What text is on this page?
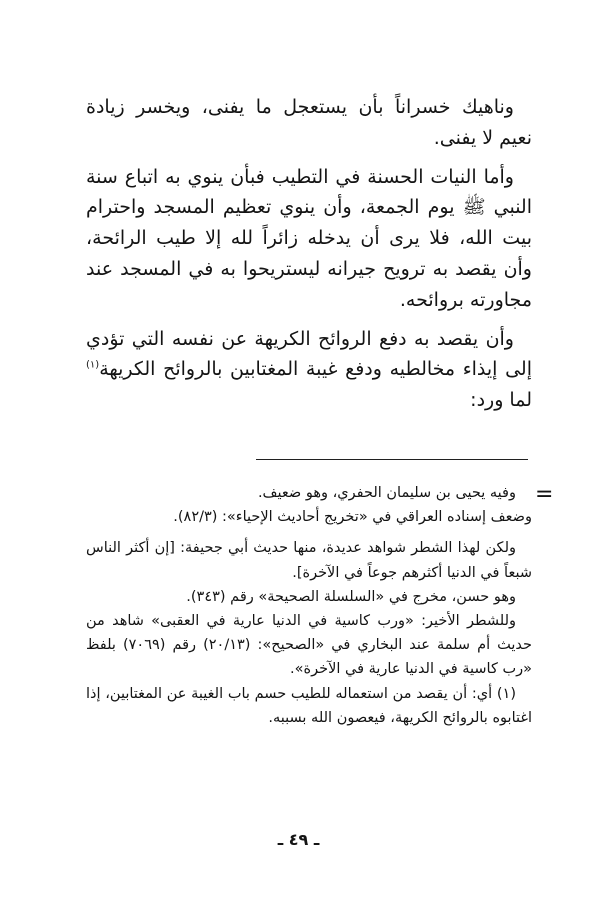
وناهيك خسراناً بأن يستعجل ما يفنى، ويخسر زيادة نعيم لا يفنى.

وأما النيات الحسنة في التطيب فبأن ينوي به اتباع سنة النبي ﷺ يوم الجمعة، وأن ينوي تعظيم المسجد واحترام بيت الله، فلا يرى أن يدخله زائراً لله إلا طيب الرائحة، وأن يقصد به ترويح جيرانه ليستريحوا به في المسجد عند مجاورته بروائحه.

وأن يقصد به دفع الروائح الكريهة عن نفسه التي تؤدي إلى إيذاء مخالطيه ودفع غيبة المغتابين بالروائح الكريهة$^{(١)}$ لما ورد:

=

وفيه يحيى بن سليمان الحفري، وهو ضعيف.

وضعف إسناده العراقي في «تخريج أحاديث الإحياء»: (٨٢/٣).

ولكن لهذا الشطر شواهد عديدة، منها حديث أبي جحيفة: [إن أكثر الناس شبعاً في الدنيا أكثرهم جوعاً في الآخرة].

وهو حسن، مخرج في «السلسلة الصحيحة» رقم (٣٤٣).

وللشطر الأخير: «ورب كاسية في الدنيا عارية في العقبى» شاهد من حديث أم سلمة عند البخاري في «الصحيح»: (٢٠/١٣) رقم (٧٠٦٩) بلفظ «رب كاسية في الدنيا عارية في الآخرة».

(١) أي: أن يقصد من استعماله للطيب حسم باب الغيبة عن المغتابين، إذا اغتابوه بالروائح الكريهة، فيعصون الله بسببه.

ـ ٤٩ ـ
